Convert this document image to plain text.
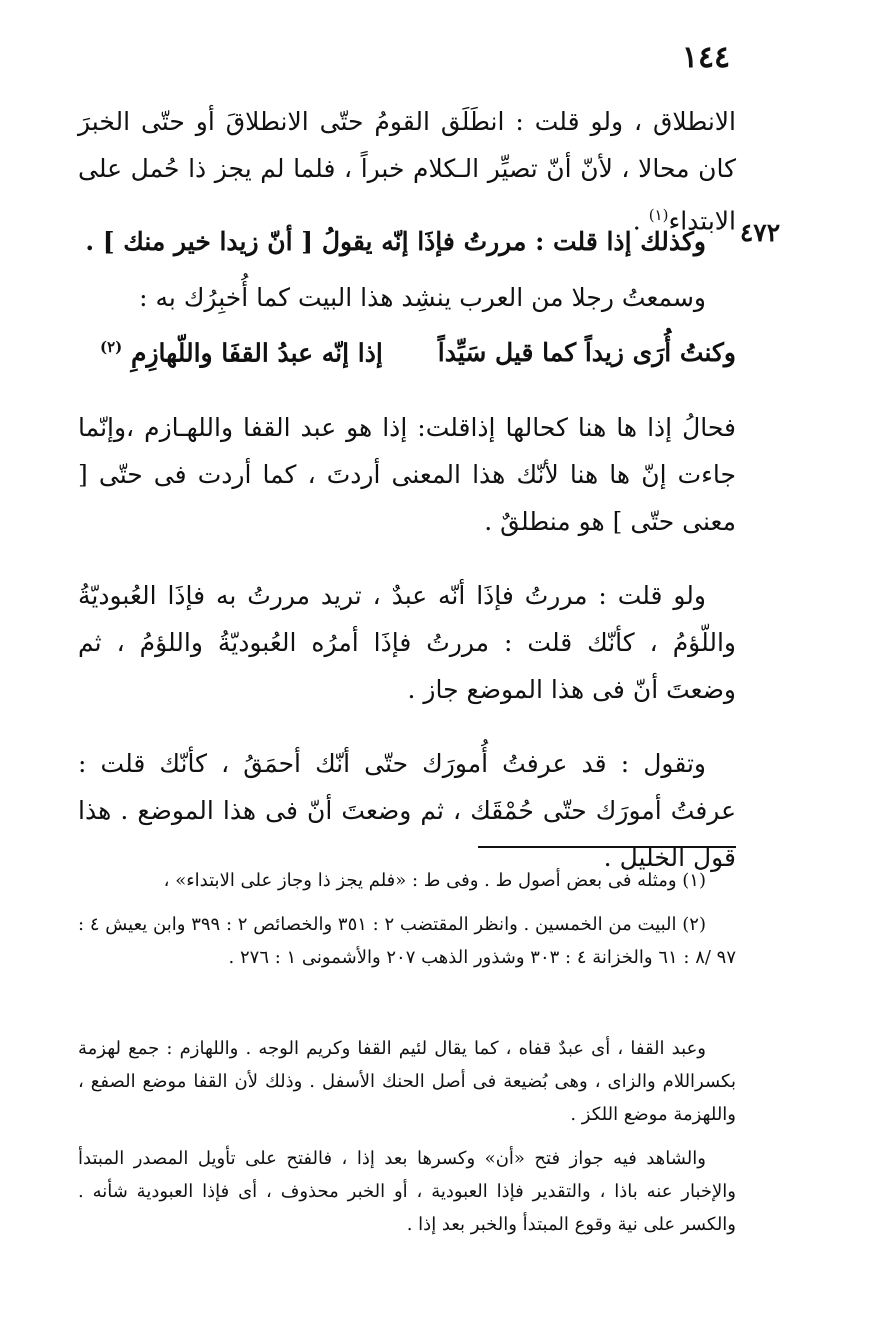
١٤٤

الانطلاق ، ولو قلت : انطَلَق القومُ حتّى الانطلاقَ أو حتّى الخبرَ كان محالا ، لأنّ أنّ تصيِّر الـكلام خبراً ، فلما لم يجز ذا حُمل على الابتداء$^{(١)}$ .	٤٧٢

وكذلك إذا قلت : مررتُ فإذَا إنّه يقولُ [ أنّ زيدا خير منك ] .

وسمعتُ رجلا من العرب ينشِد هذا البيت كما أُخبِرُك به :

وكنتُ أُرَى زيداً كما قيل سَيِّداً
إذا إنّه عبدُ القفَا واللّهازِمِ $^{(٢)}$

فحالُ إذا ها هنا كحالها إذاقلت: إذا هو عبد القفا واللهـازم ،وإنّما جاءت إنّ ها هنا لأنّك هذا المعنى أردتَ ، كما أردت فى حتّى [ معنى حتّى ] هو منطلقٌ .

ولو قلت : مررتُ فإذَا أنّه عبدٌ ، تريد مررتُ به فإذَا العُبوديّةُ واللّؤمُ ، كأنّك قلت : مررتُ فإذَا أمرُه العُبوديّةُ واللؤمُ ، ثم وضعتَ أنّ فى هذا الموضع جاز .

وتقول : قد عرفتُ أُمورَك حتّى أنّك أحمَقُ ، كأنّك قلت : عرفتُ أمورَك حتّى حُمْقَك ، ثم وضعتَ أنّ فى هذا الموضع . هذا قول الخليل .

(١) ومثله فى بعض أصول ط . وفى ط : «فلم يجز ذا وجاز على الابتداء» ،

(٢) البيت من الخمسين . وانظر المقتضب ٢ : ٣٥١ والخصائص ٢ : ٣٩٩ وابن يعيش ٤ : ٩٧ /٨ : ٦١ والخزانة ٤ : ٣٠٣ وشذور الذهب ٢٠٧ والأشمونى ١ : ٢٧٦ .

وعبد القفا ، أى عبدٌ قفاه ، كما يقال لئيم القفا وكريم الوجه . واللهازم : جمع لهزمة بكسراللام والزاى ، وهى بُضيعة فى أصل الحنك الأسفل . وذلك لأن القفا موضع الصفع ، واللهزمة موضع اللكز .

والشاهد فيه جواز فتح «أن» وكسرها بعد إذا ، فالفتح على تأويل المصدر المبتدأ والإخبار عنه باذا ، والتقدير فإذا العبودية ، أو الخبر محذوف ، أى فإذا العبودية شأنه . والكسر على نية وقوع المبتدأ والخبر بعد إذا .
